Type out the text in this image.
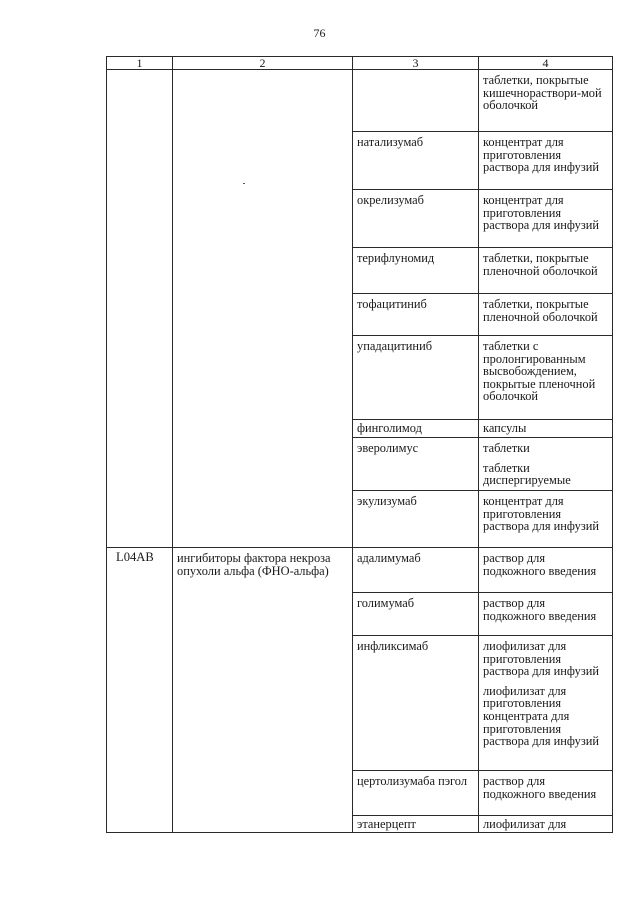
76
1	2	3	4

			таблетки, покрытые кишечнораствори-мой оболочкой

		натализумаб	концентрат для приготовления раствора для инфузий

		окрелизумаб	концентрат для приготовления раствора для инфузий

		терифлуномид	таблетки, покрытые пленочной оболочкой

		тофацитиниб	таблетки, покрытые пленочной оболочкой

		упадацитиниб	таблетки с пролонгированным высвобождением, покрытые пленочной оболочкой

		финголимод	капсулы

		эверолимус	таблетки
таблетки диспергируемые

		экулизумаб	концентрат для приготовления раствора для инфузий

L04AB	ингибиторы фактора некроза опухоли альфа (ФНО-альфа)	адалимумаб	раствор для подкожного введения

		голимумаб	раствор для подкожного введения

		инфликсимаб	лиофилизат для приготовления раствора для инфузий
лиофилизат для приготовления концентрата для приготовления раствора для инфузий

		цертолизумаба пэгол	раствор для подкожного введения

		этанерцепт	лиофилизат для
